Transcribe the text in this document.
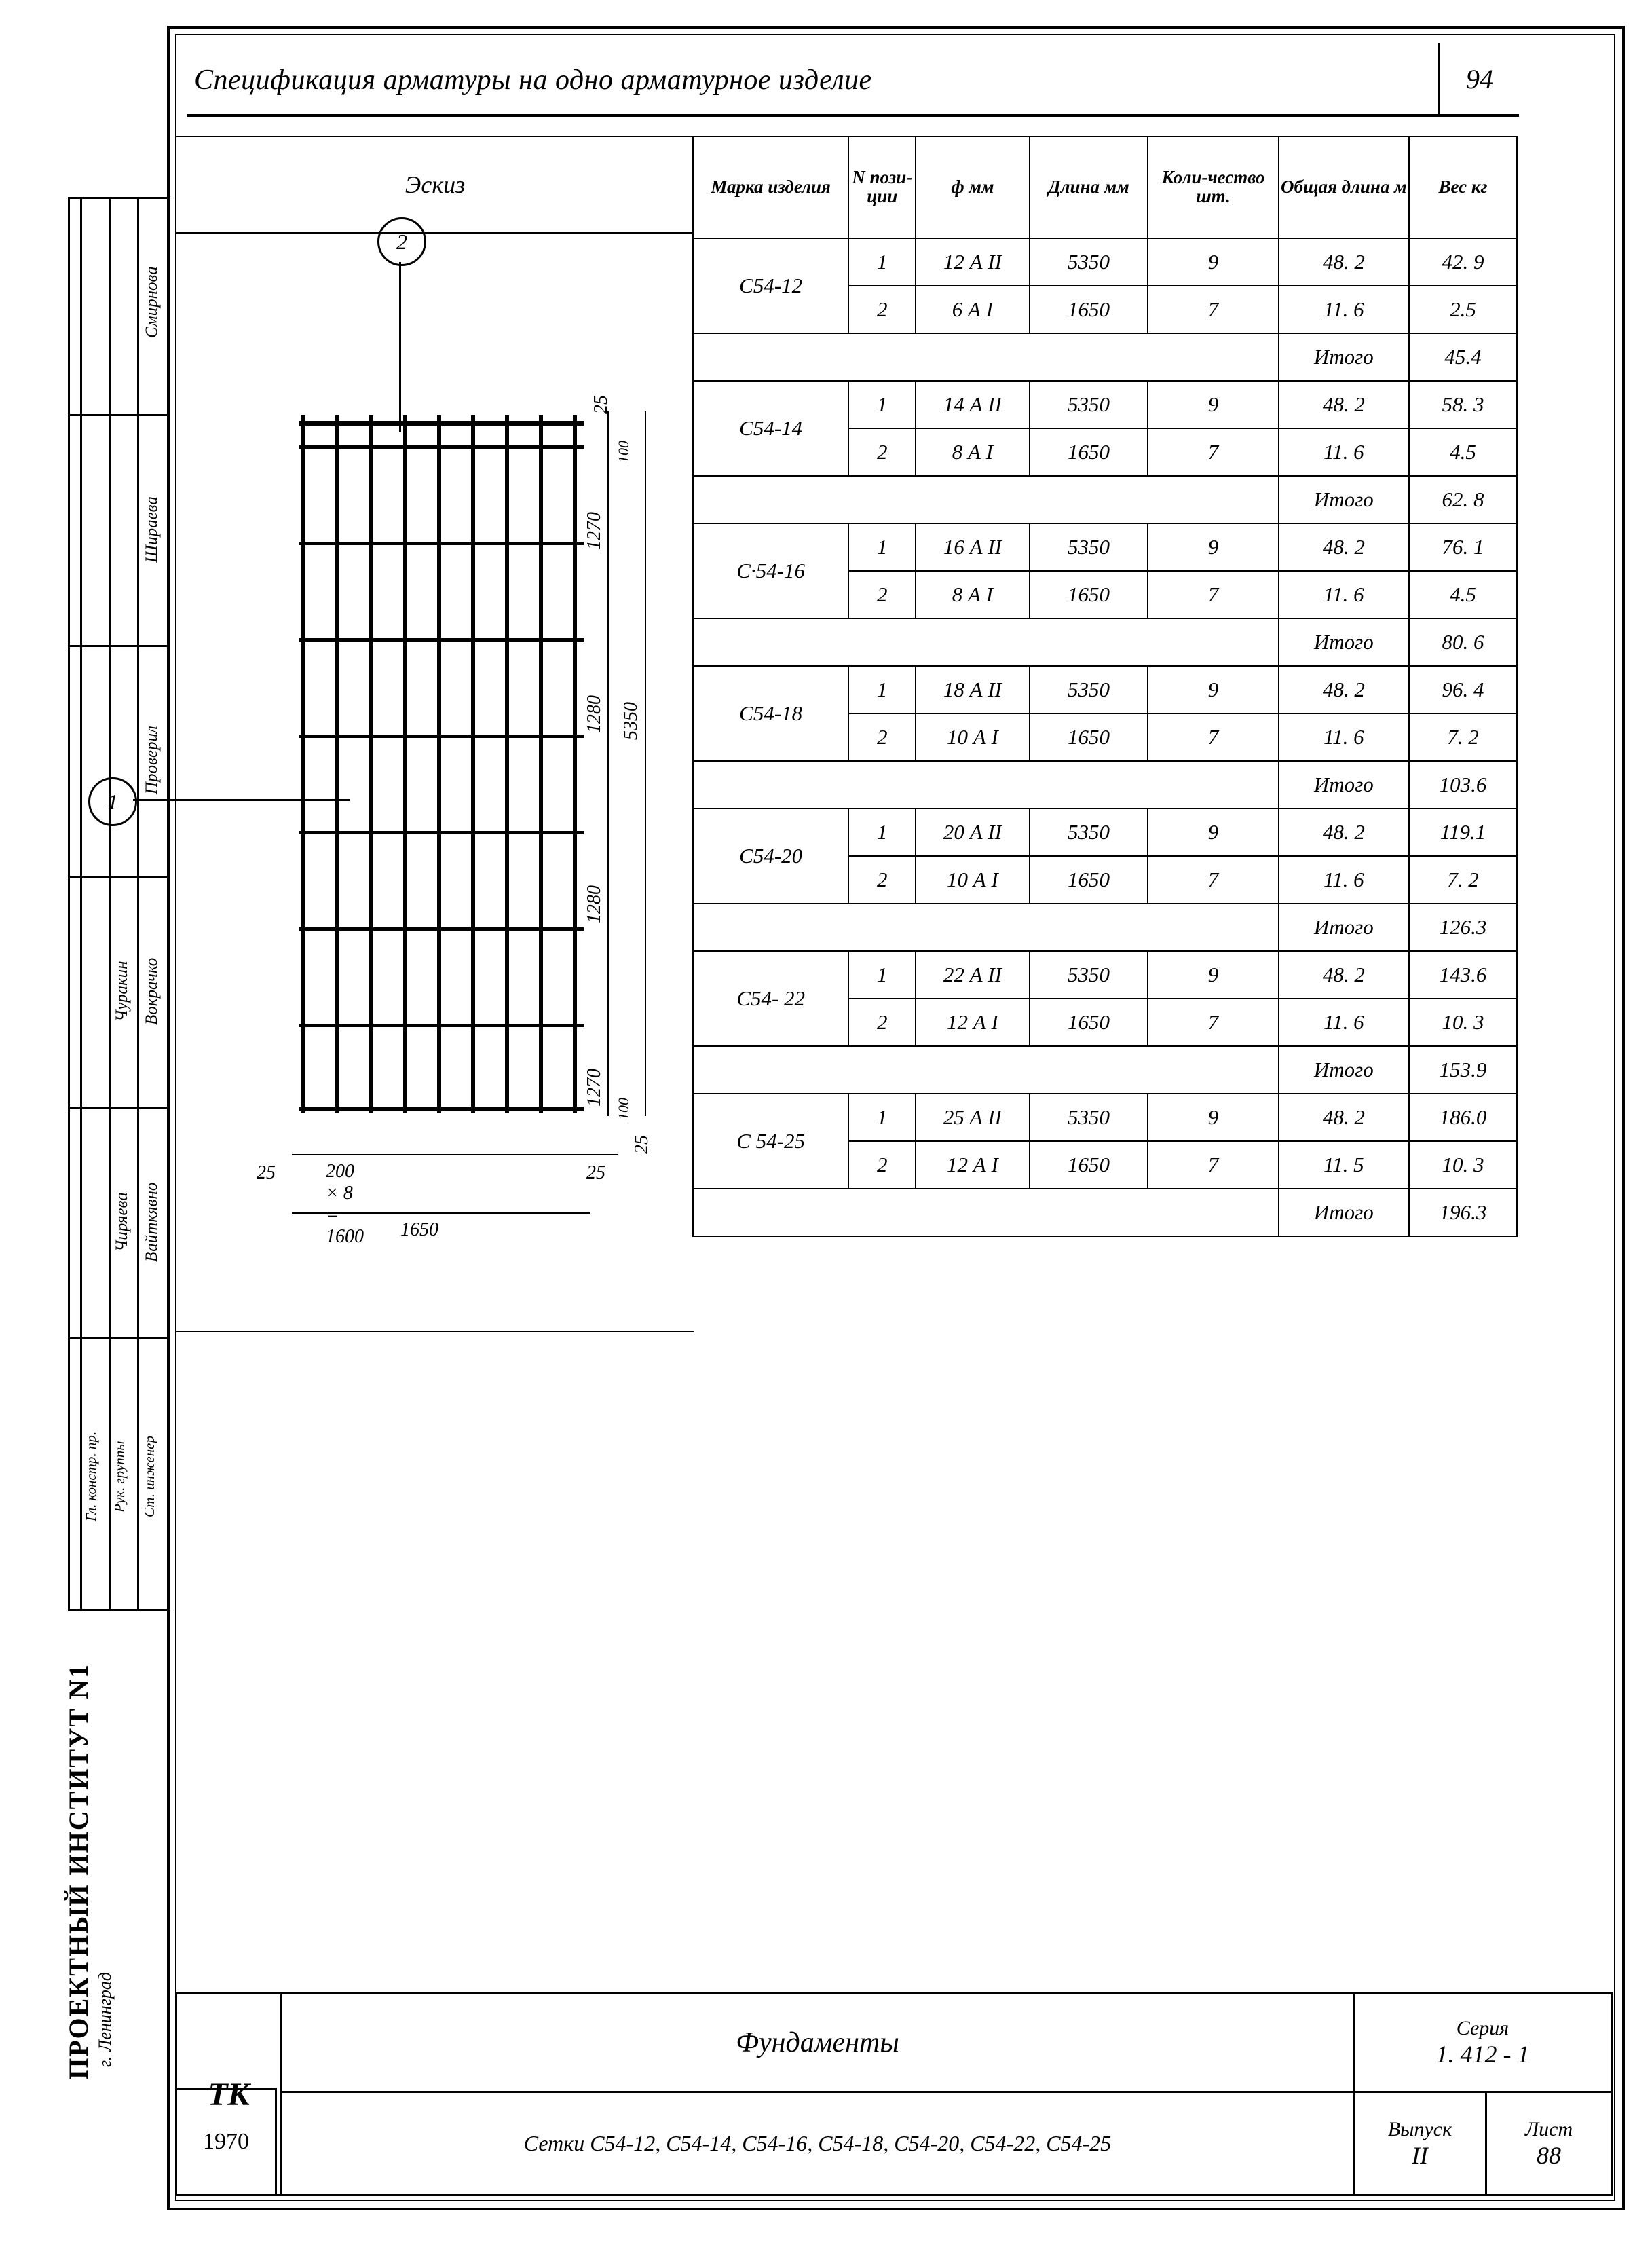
Спецификация арматуры на одно арматурное изделие	94
Смирнова
Шираева
Проверил
Вокрачко
Вайткявно
Ст. инженер
Чуракин
Чиряева
Рук. группы
Гл. констр. пр.
ПРОЕКТНЫЙ ИНСТИТУТ N1 г. Ленинград
2
1
25
100
1270
1280
1280
1270
5350
100
25
25	200 × 8 = 1600
25
1650
Марка изделия	N пози-ции	ф мм	Длина мм	Коли-чество шт.	Общая длина м	Вес кг
С54-12	1	12 А II	5350	9	48. 2	42. 9
	2	6 А I	1650	7	11. 6	2.5
					Итого	45.4
С54-14	1	14 А II	5350	9	48. 2	58. 3
	2	8 А I	1650	7	11. 6	4.5
					Итого	62. 8
С·54-16	1	16 А II	5350	9	48. 2	76. 1
	2	8 А I	1650	7	11. 6	4.5
					Итого	80. 6
С54-18	1	18 А II	5350	9	48. 2	96. 4
	2	10 А I	1650	7	11. 6	7. 2
					Итого	103.6
С54-20	1	20 А II	5350	9	48. 2	119.1
	2	10 А I	1650	7	11. 6	7. 2
					Итого	126.3
С54- 22	1	22 А II	5350	9	48. 2	143.6
	2	12 А I	1650	7	11. 6	10. 3
					Итого	153.9
С 54-25	1	25 А II	5350	9	48. 2	186.0
	2	12 А I	1650	7	11. 5	10. 3
					Итого	196.3
Эскиз
ТК	Фундаменты	Серия
1. 412 - 1	

Сетки С54-12, С54-14, С54-16, С54-18, С54-20, С54-22, С54-25	
Выпуск
II

Лист
88
1970
